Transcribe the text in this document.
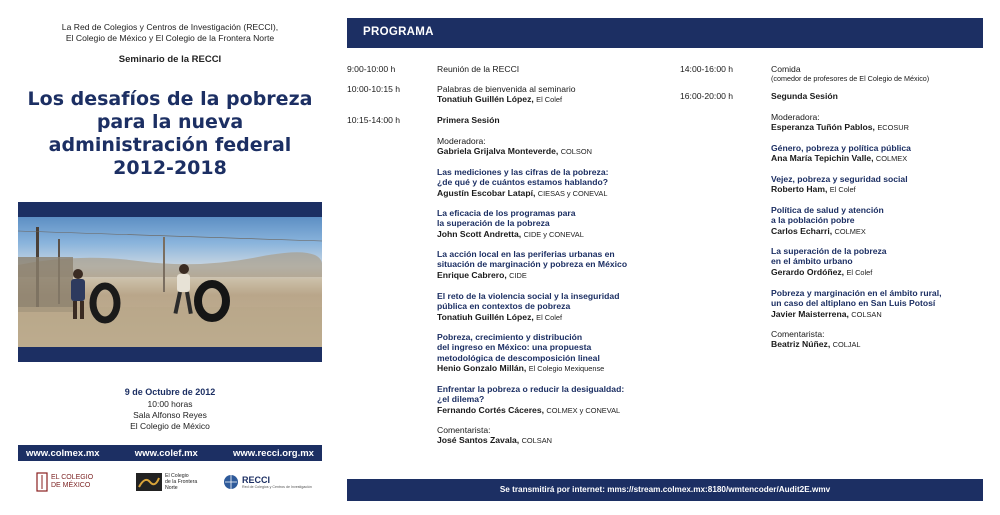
La Red de Colegios y Centros de Investigación (RECCI),
El Colegio de México y El Colegio de la Frontera Norte
Seminario de la RECCI
Los desafíos de la pobreza
para la nueva
administración federal
2012-2018
9 de Octubre de 2012
10:00 horas
Sala Alfonso Reyes
El Colegio de México
www.colmex.mx	www.colef.mx	www.recci.org.mx
EL COLEGIO
DE MÉXICO
El Colegio
de la Frontera
Norte
RECCI
Red de Colegios y Centros de Investigación
PROGRAMA
9:00-10:00 h	Reunión de la RECCI
10:00-10:15 h	Palabras de bienvenida al seminario
Tonatiuh Guillén López, El Colef
10:15-14:00 h	Primera Sesión
Moderadora:
Gabriela Grijalva Monteverde, COLSON
Las mediciones y las cifras de la pobreza:
¿de qué y de cuántos estamos hablando?
Agustín Escobar Latapí, CIESAS y CONEVAL
La eficacia de los programas para
la superación de la pobreza
John Scott Andretta, CIDE y CONEVAL
La acción local en las periferias urbanas en
situación de marginación y pobreza en México
Enrique Cabrero, CIDE
El reto de la violencia social y la inseguridad
pública en contextos de pobreza
Tonatiuh Guillén López, El Colef
Pobreza, crecimiento y distribución
del ingreso en México: una propuesta
metodológica de descomposición lineal
Henio Gonzalo Millán, El Colegio Mexiquense
Enfrentar la pobreza o reducir la desigualdad:
¿el dilema?
Fernando Cortés Cáceres, COLMEX y CONEVAL
Comentarista:
José Santos Zavala, COLSAN
14:00-16:00 h	Comida
(comedor de profesores de El Colegio de México)
16:00-20:00 h	Segunda Sesión
Moderadora:
Esperanza Tuñón Pablos, ECOSUR
Género, pobreza y política pública
Ana María Tepichin Valle, COLMEX
Vejez, pobreza y seguridad social
Roberto Ham, El Colef
Política de salud y atención
a la población pobre
Carlos Echarri, COLMEX
La superación de la pobreza
en el ámbito urbano
Gerardo Ordóñez, El Colef
Pobreza y marginación en el ámbito rural,
un caso del altiplano en San Luis Potosí
Javier Maisterrena, COLSAN
Comentarista:
Beatriz Núñez, COLJAL
Se transmitirá por internet: mms://stream.colmex.mx:8180/wmtencoder/Audit2E.wmv
